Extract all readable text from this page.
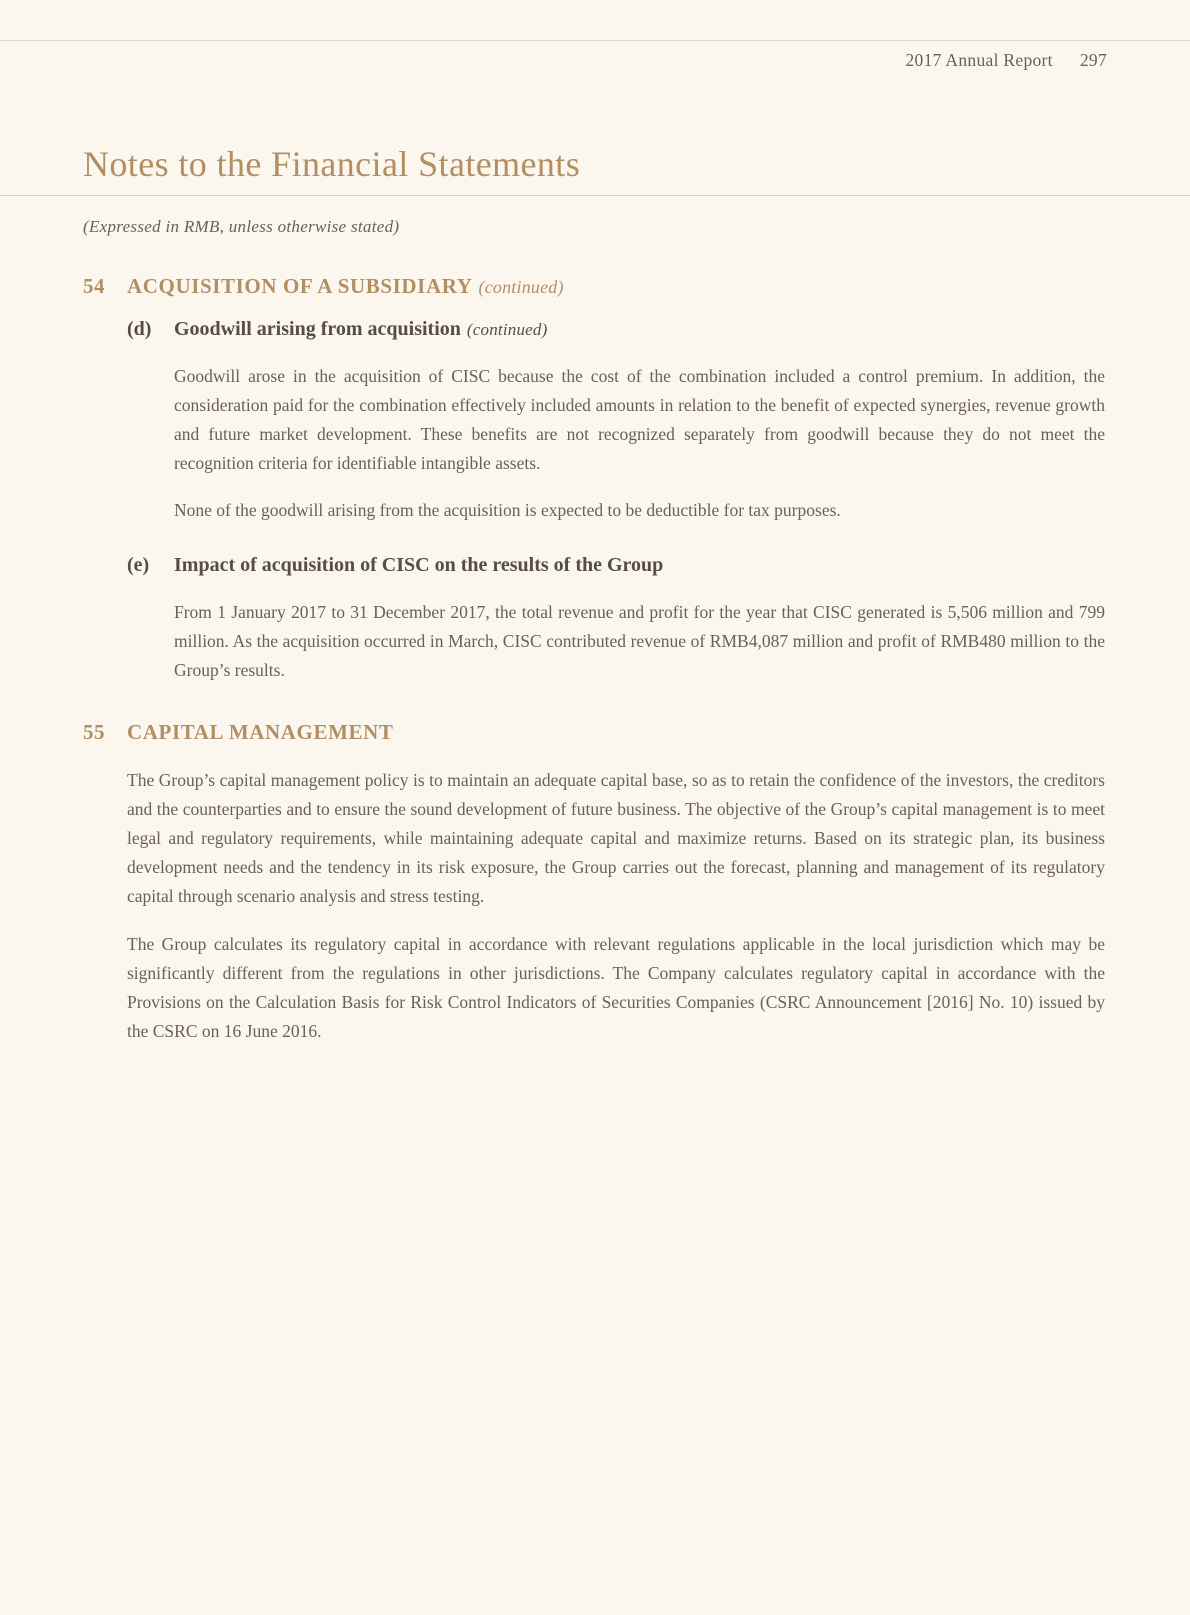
2017 Annual Report 297
Notes to the Financial Statements

(Expressed in RMB, unless otherwise stated)

54	ACQUISITION OF A SUBSIDIARY (continued)
(d)	Goodwill arising from acquisition (continued)

Goodwill arose in the acquisition of CISC because the cost of the combination included a control premium. In addition, the consideration paid for the combination effectively included amounts in relation to the benefit of expected synergies, revenue growth and future market development. These benefits are not recognized separately from goodwill because they do not meet the recognition criteria for identifiable intangible assets.

None of the goodwill arising from the acquisition is expected to be deductible for tax purposes.

(e)	Impact of acquisition of CISC on the results of the Group

From 1 January 2017 to 31 December 2017, the total revenue and profit for the year that CISC generated is 5,506 million and 799 million. As the acquisition occurred in March, CISC contributed revenue of RMB4,087 million and profit of RMB480 million to the Group’s results.

55	CAPITAL MANAGEMENT

The Group’s capital management policy is to maintain an adequate capital base, so as to retain the confidence of the investors, the creditors and the counterparties and to ensure the sound development of future business. The objective of the Group’s capital management is to meet legal and regulatory requirements, while maintaining adequate capital and maximize returns. Based on its strategic plan, its business development needs and the tendency in its risk exposure, the Group carries out the forecast, planning and management of its regulatory capital through scenario analysis and stress testing.

The Group calculates its regulatory capital in accordance with relevant regulations applicable in the local jurisdiction which may be significantly different from the regulations in other jurisdictions. The Company calculates regulatory capital in accordance with the Provisions on the Calculation Basis for Risk Control Indicators of Securities Companies (CSRC Announcement [2016] No. 10) issued by the CSRC on 16 June 2016.
